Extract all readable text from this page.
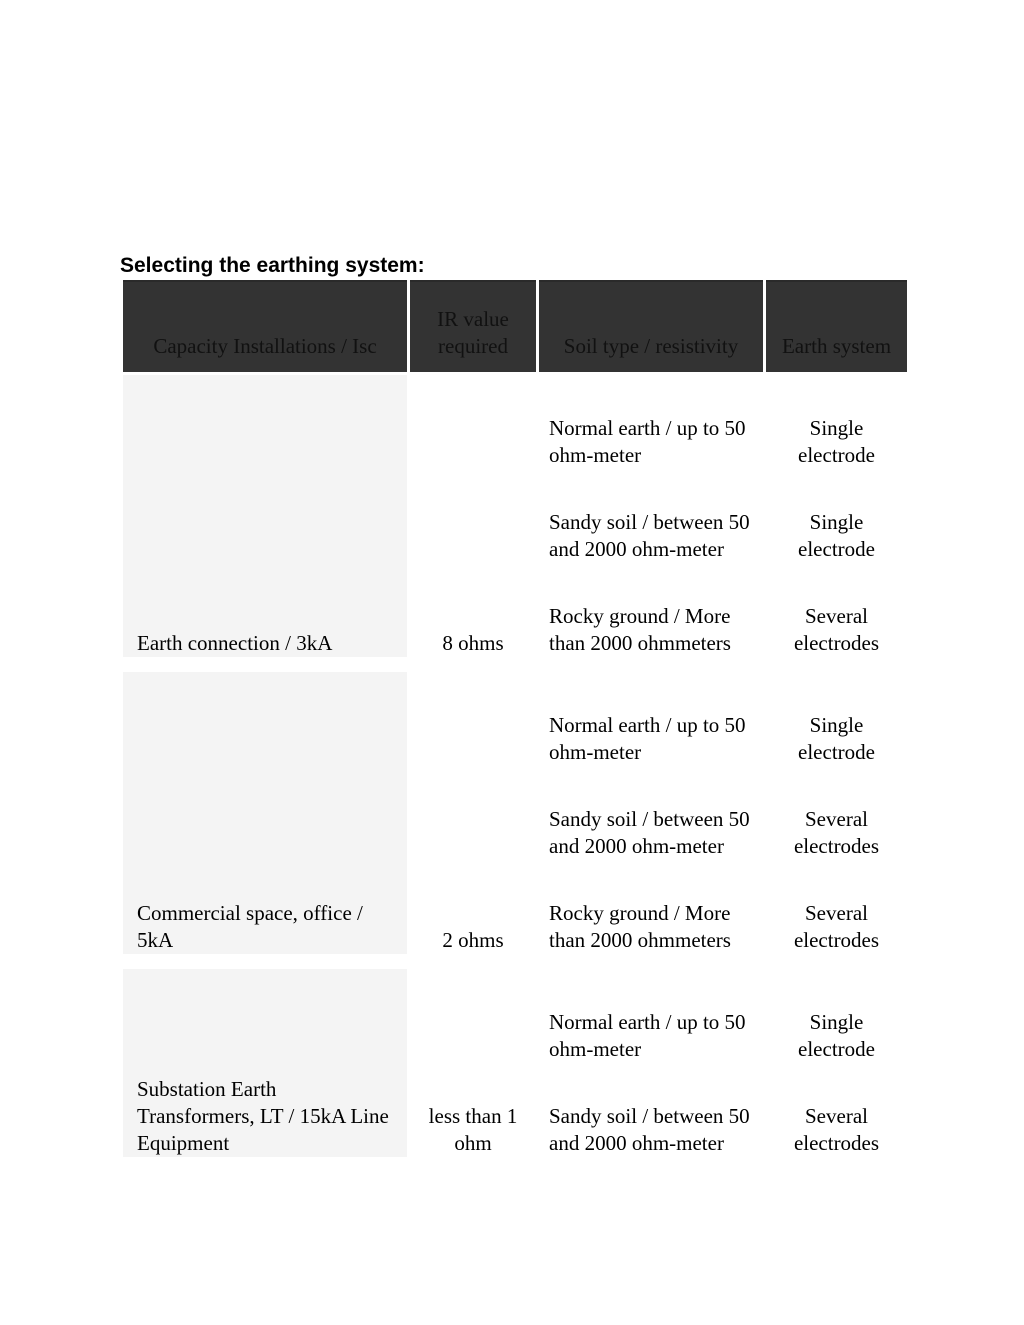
Selecting the earthing system:
Capacity Installations / Isc	IR value required	Soil type / resistivity	Earth system

Earth connection / 3kA	8 ohms	Normal earth / up to 50 ohm-meter	Single electrode
		Sandy soil / between 50 and 2000 ohm-meter	Single electrode
		Rocky ground / More than 2000 ohmmeters	Several electrodes

Commercial space, office / 5kA	2 ohms	Normal earth / up to 50 ohm-meter	Single electrode
		Sandy soil / between 50 and 2000 ohm-meter	Several electrodes
		Rocky ground / More than 2000 ohmmeters	Several electrodes

Substation Earth Transformers, LT / 15kA Line Equipment	less than 1 ohm	Normal earth / up to 50 ohm-meter	Single electrode
		Sandy soil / between 50 and 2000 ohm-meter	Several electrodes
